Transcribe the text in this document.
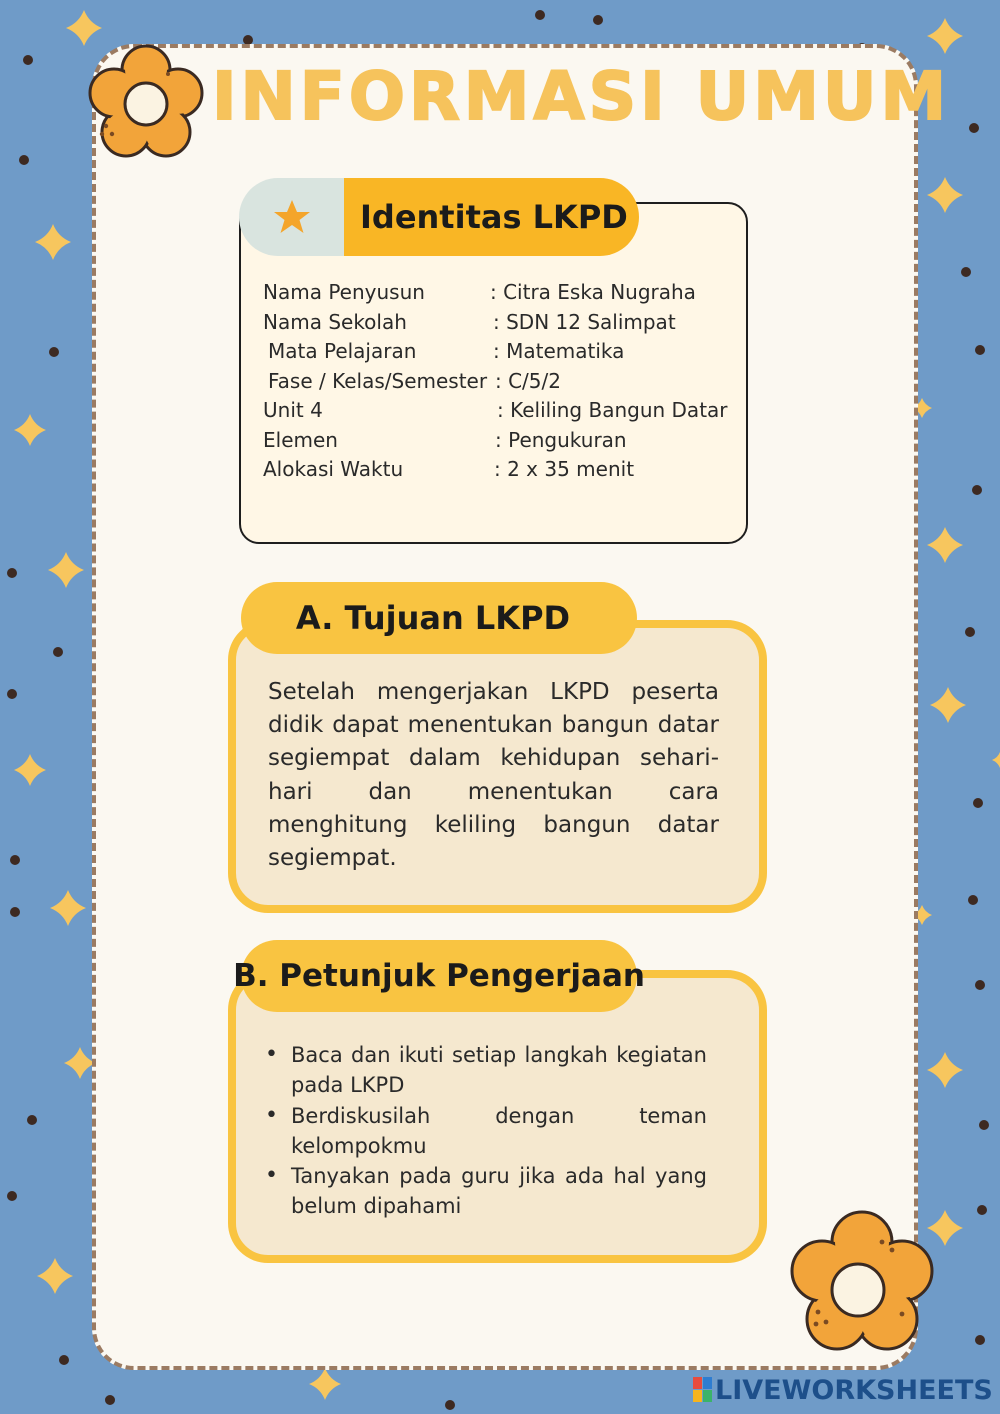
INFORMASI UMUM
Identitas LKPD
Nama Penyusun	: Citra Eska Nugraha
Nama Sekolah	: SDN 12 Salimpat
Mata Pelajaran	: Matematika
Fase / Kelas/Semester : C/5/2
Unit 4	: Keliling Bangun Datar
Elemen	: Pengukuran
Alokasi Waktu	: 2 x 35 menit
A. Tujuan LKPD

Setelah mengerjakan LKPD peserta didik dapat menentukan bangun datar segiempat dalam kehidupan sehari-hari dan menentukan cara menghitung keliling bangun datar segiempat.

B. Petunjuk Pengerjaan
• Baca dan ikuti setiap langkah kegiatan pada LKPD
• Berdiskusilah dengan teman kelompokmu
• Tanyakan pada guru jika ada hal yang belum dipahami
LIVEWORKSHEETS
